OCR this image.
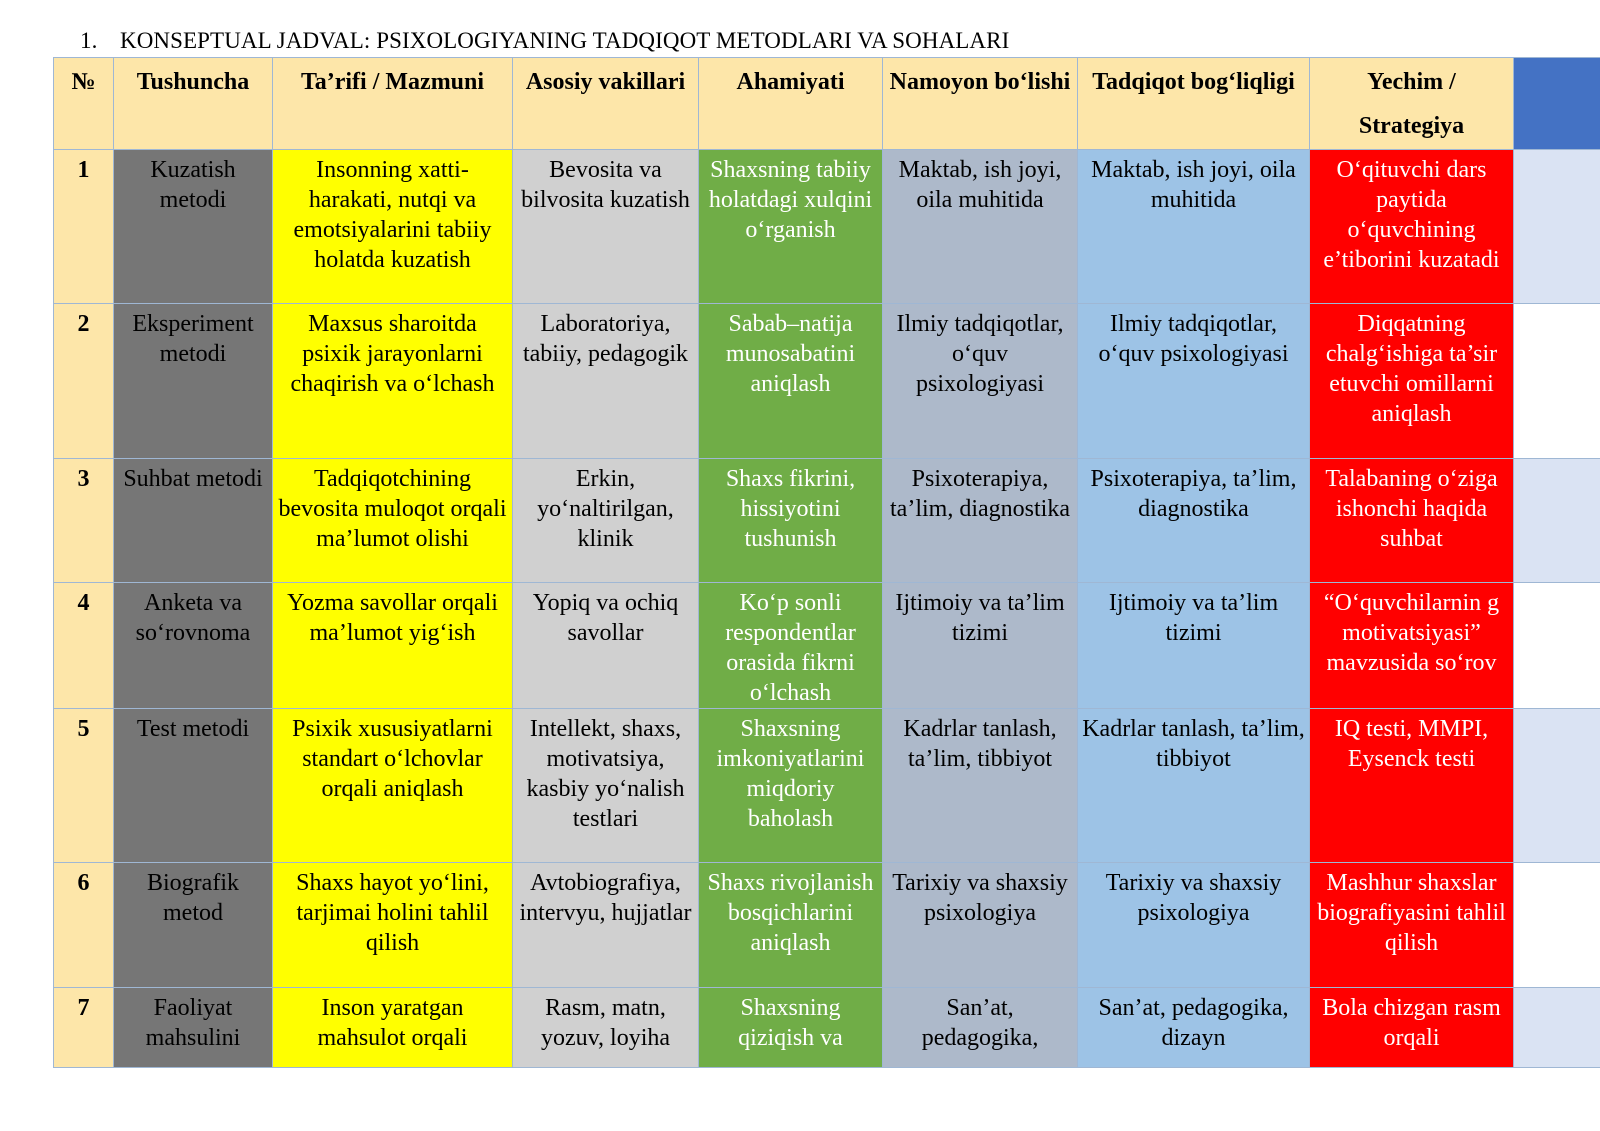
1. KONSEPTUAL JADVAL: PSIXOLOGIYANING TADQIQOT METODLARI VA SOHALARI
№	Tushuncha	Ta’rifi / Mazmuni	Asosiy vakillari	Ahamiyati	Namoyon bo‘lishi	Tadqiqot bog‘liqligi	Yechim / Strategiya	
1	Kuzatish metodi	Insonning xatti-harakati, nutqi va emotsiyalarini tabiiy holatda kuzatish	Bevosita va bilvosita kuzatish	Shaxsning tabiiy holatdagi xulqini o‘rganish	Maktab, ish joyi, oila muhitida	Maktab, ish joyi, oila muhitida	O‘qituvchi dars paytida o‘quvchining e’tiborini kuzatadi	
2	Eksperiment metodi	Maxsus sharoitda psixik jarayonlarni chaqirish va o‘lchash	Laboratoriya, tabiiy, pedagogik	Sabab–natija munosabatini aniqlash	Ilmiy tadqiqotlar, o‘quv psixologiyasi	Ilmiy tadqiqotlar, o‘quv psixologiyasi	Diqqatning chalg‘ishiga ta’sir etuvchi omillarni aniqlash	
3	Suhbat metodi	Tadqiqotchining bevosita muloqot orqali ma’lumot olishi	Erkin, yo‘naltirilgan, klinik	Shaxs fikrini, hissiyotini tushunish	Psixoterapiya, ta’lim, diagnostika	Psixoterapiya, ta’lim, diagnostika	Talabaning o‘ziga ishonchi haqida suhbat	
4	Anketa va so‘rovnoma	Yozma savollar orqali ma’lumot yig‘ish	Yopiq va ochiq savollar	Ko‘p sonli respondentlar orasida fikrni o‘lchash	Ijtimoiy va ta’lim tizimi	Ijtimoiy va ta’lim tizimi	“O‘quvchilarnin g motivatsiyasi” mavzusida so‘rov	
5	Test metodi	Psixik xususiyatlarni standart o‘lchovlar orqali aniqlash	Intellekt, shaxs, motivatsiya, kasbiy yo‘nalish testlari	Shaxsning imkoniyatlarini miqdoriy baholash	Kadrlar tanlash, ta’lim, tibbiyot	Kadrlar tanlash, ta’lim, tibbiyot	IQ testi, MMPI, Eysenck testi	
6	Biografik metod	Shaxs hayot yo‘lini, tarjimai holini tahlil qilish	Avtobiografiya, intervyu, hujjatlar	Shaxs rivojlanish bosqichlarini aniqlash	Tarixiy va shaxsiy psixologiya	Tarixiy va shaxsiy psixologiya	Mashhur shaxslar biografiyasini tahlil qilish	
7	Faoliyat mahsulini	Inson yaratgan mahsulot orqali	Rasm, matn, yozuv, loyiha	Shaxsning qiziqish va	San’at, pedagogika,	San’at, pedagogika, dizayn	Bola chizgan rasm orqali	
